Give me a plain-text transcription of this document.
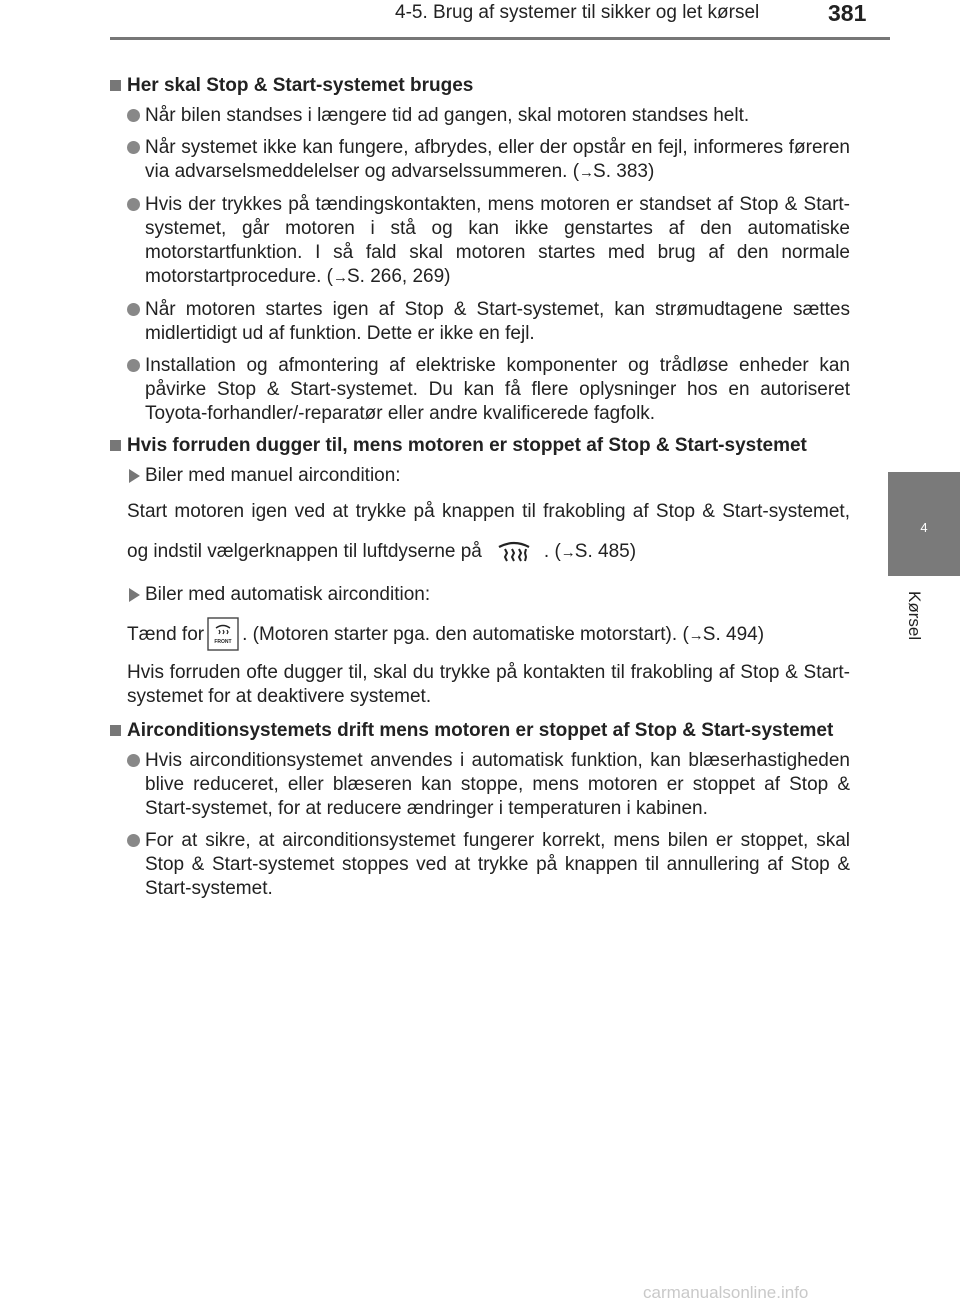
4-5. Brug af systemer til sikker og let kørsel	381
4
Kørsel
Her skal Stop & Start-systemet bruges
Når bilen standses i længere tid ad gangen, skal motoren standses helt.
Når systemet ikke kan fungere, afbrydes, eller der opstår en fejl, informeres føreren via advarselsmeddelelser og advarselssummeren. (→S. 383)
Hvis der trykkes på tændingskontakten, mens motoren er standset af Stop & Start-systemet, går motoren i stå og kan ikke genstartes af den automatiske motorstartfunktion. I så fald skal motoren startes med brug af den normale motorstartprocedure. (→S. 266, 269)
Når motoren startes igen af Stop & Start-systemet, kan strømudtagene sættes midlertidigt ud af funktion. Dette er ikke en fejl.
Installation og afmontering af elektriske komponenter og trådløse enheder kan påvirke Stop & Start-systemet. Du kan få flere oplysninger hos en autoriseret Toyota-forhandler/-reparatør eller andre kvalificerede fagfolk.
Hvis forruden dugger til, mens motoren er stoppet af Stop & Start-systemet
Biler med manuel aircondition:
Start motoren igen ved at trykke på knappen til frakobling af Stop & Start-systemet, og indstil vælgerknappen til luftdyserne på	. (→S. 485)
Biler med automatisk aircondition:
Tænd for FRONT . (Motoren starter pga. den automatiske motorstart). (→S. 494)
Hvis forruden ofte dugger til, skal du trykke på kontakten til frakobling af Stop & Start-systemet for at deaktivere systemet.
Airconditionsystemets drift mens motoren er stoppet af Stop & Start-systemet
Hvis airconditionsystemet anvendes i automatisk funktion, kan blæserhastigheden blive reduceret, eller blæseren kan stoppe, mens motoren er stoppet af Stop & Start-systemet, for at reducere ændringer i temperaturen i kabinen.
For at sikre, at airconditionsystemet fungerer korrekt, mens bilen er stoppet, skal Stop & Start-systemet stoppes ved at trykke på knappen til annullering af Stop & Start-systemet.
carmanualsonline.info
